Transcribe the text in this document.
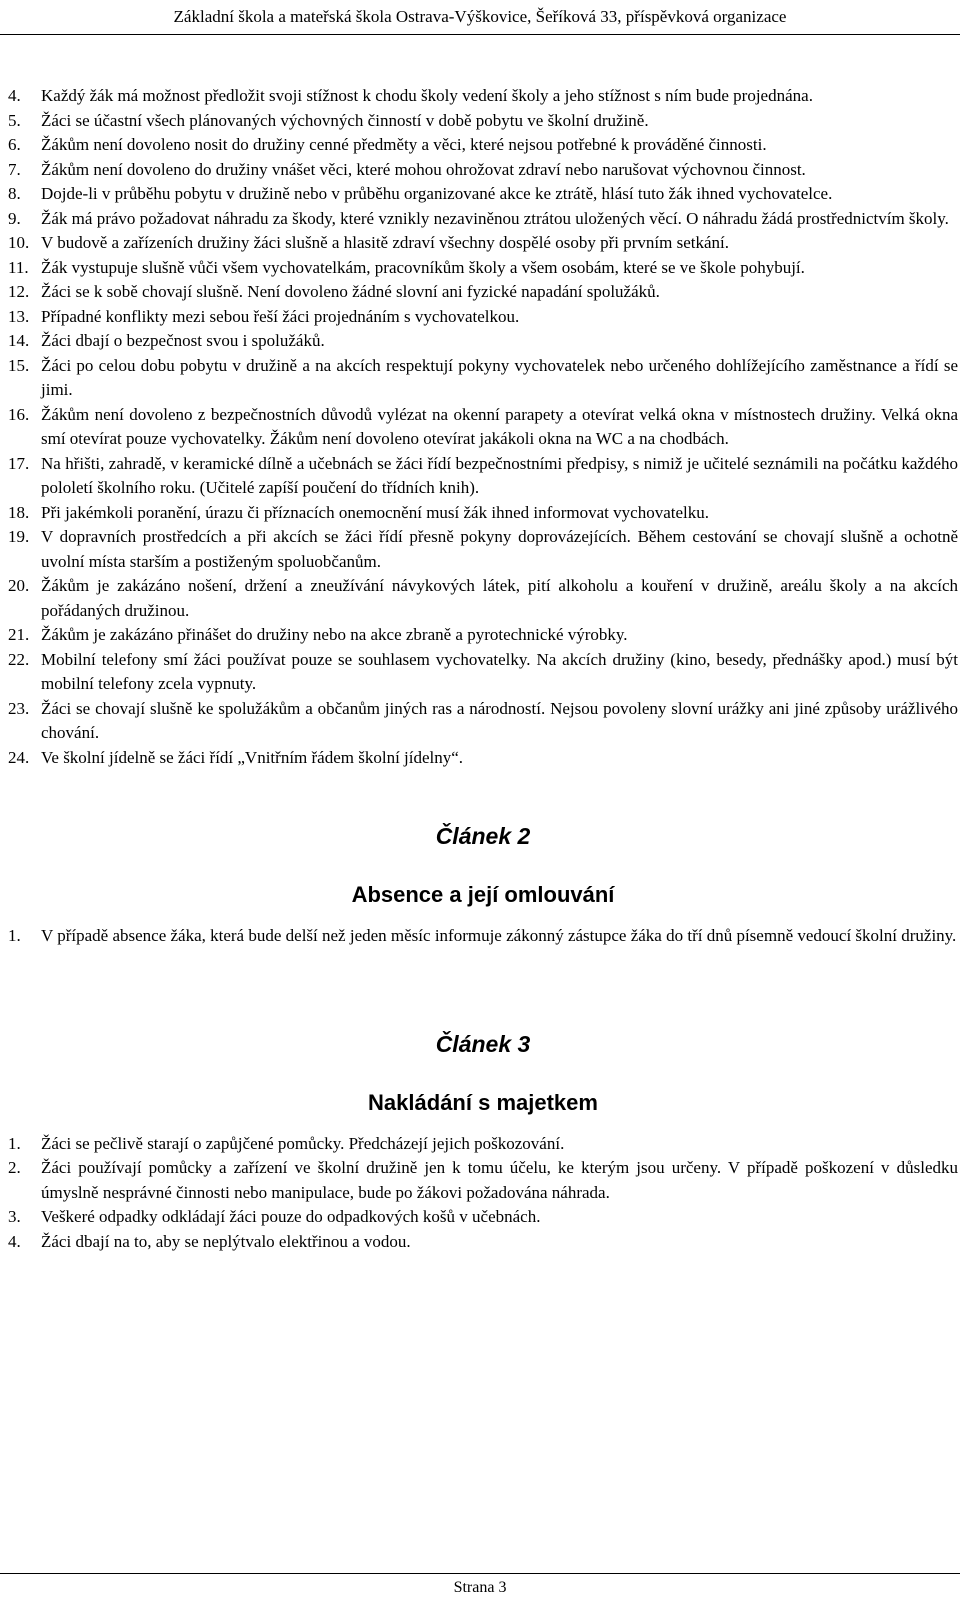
Základní škola a mateřská škola Ostrava-Výškovice, Šeříková 33, příspěvková organizace
4. Každý žák má možnost předložit svoji stížnost k chodu školy vedení školy a jeho stížnost s ním bude projednána.
5. Žáci se účastní všech plánovaných výchovných činností v době pobytu ve školní družině.
6. Žákům není dovoleno nosit do družiny cenné předměty a věci, které nejsou potřebné k prováděné činnosti.
7. Žákům není dovoleno do družiny vnášet věci, které mohou ohrožovat zdraví nebo narušovat výchovnou činnost.
8. Dojde-li v průběhu pobytu v družině nebo v průběhu organizované akce ke ztrátě, hlásí tuto žák ihned vychovatelce.
9. Žák má právo požadovat náhradu za škody, které vznikly nezaviněnou ztrátou uložených věcí. O náhradu žádá prostřednictvím školy.
10. V budově a zařízeních družiny žáci slušně a hlasitě zdraví všechny dospělé osoby při prvním setkání.
11. Žák vystupuje slušně vůči všem vychovatelkám, pracovníkům školy a všem osobám, které se ve škole pohybují.
12. Žáci se k sobě chovají slušně. Není dovoleno žádné slovní ani fyzické napadání spolužáků.
13. Případné konflikty mezi sebou řeší žáci projednáním s vychovatelkou.
14. Žáci dbají o bezpečnost svou i spolužáků.
15. Žáci po celou dobu pobytu v družině a na akcích respektují pokyny vychovatelek nebo určeného dohlížejícího zaměstnance a řídí se jimi.
16. Žákům není dovoleno z bezpečnostních důvodů vylézat na okenní parapety a otevírat velká okna v místnostech družiny. Velká okna smí otevírat pouze vychovatelky. Žákům není dovoleno otevírat jakákoli okna na WC a na chodbách.
17. Na hřišti, zahradě, v keramické dílně a učebnách se žáci řídí bezpečnostními předpisy, s nimiž je učitelé seznámili na počátku každého pololetí školního roku. (Učitelé zapíší poučení do třídních knih).
18. Při jakémkoli poranění, úrazu či příznacích onemocnění musí žák ihned informovat vychovatelku.
19. V dopravních prostředcích a při akcích se žáci řídí přesně pokyny doprovázejících. Během cestování se chovají slušně a ochotně uvolní místa starším a postiženým spoluobčanům.
20. Žákům je zakázáno nošení, držení a zneužívání návykových látek, pití alkoholu a kouření v družině, areálu školy a na akcích pořádaných družinou.
21. Žákům je zakázáno přinášet do družiny nebo na akce zbraně a pyrotechnické výrobky.
22. Mobilní telefony smí žáci používat pouze se souhlasem vychovatelky. Na akcích družiny (kino, besedy, přednášky apod.) musí být mobilní telefony zcela vypnuty.
23. Žáci se chovají slušně ke spolužákům a občanům jiných ras a národností. Nejsou povoleny slovní urážky ani jiné způsoby urážlivého chování.
24. Ve školní jídelně se žáci řídí „Vnitřním řádem školní jídelny“.
Článek 2
Absence a její omlouvání
1. V případě absence žáka, která bude delší než jeden měsíc informuje zákonný zástupce žáka do tří dnů písemně vedoucí školní družiny.
Článek 3
Nakládání s majetkem
1. Žáci se pečlivě starají o zapůjčené pomůcky. Předcházejí jejich poškozování.
2. Žáci používají pomůcky a zařízení ve školní družině jen k tomu účelu, ke kterým jsou určeny. V případě poškození v důsledku úmyslně nesprávné činnosti nebo manipulace, bude po žákovi požadována náhrada.
3. Veškeré odpadky odkládají žáci pouze do odpadkových košů v učebnách.
4. Žáci dbají na to, aby se neplýtvalo elektřinou a vodou.
Strana 3
